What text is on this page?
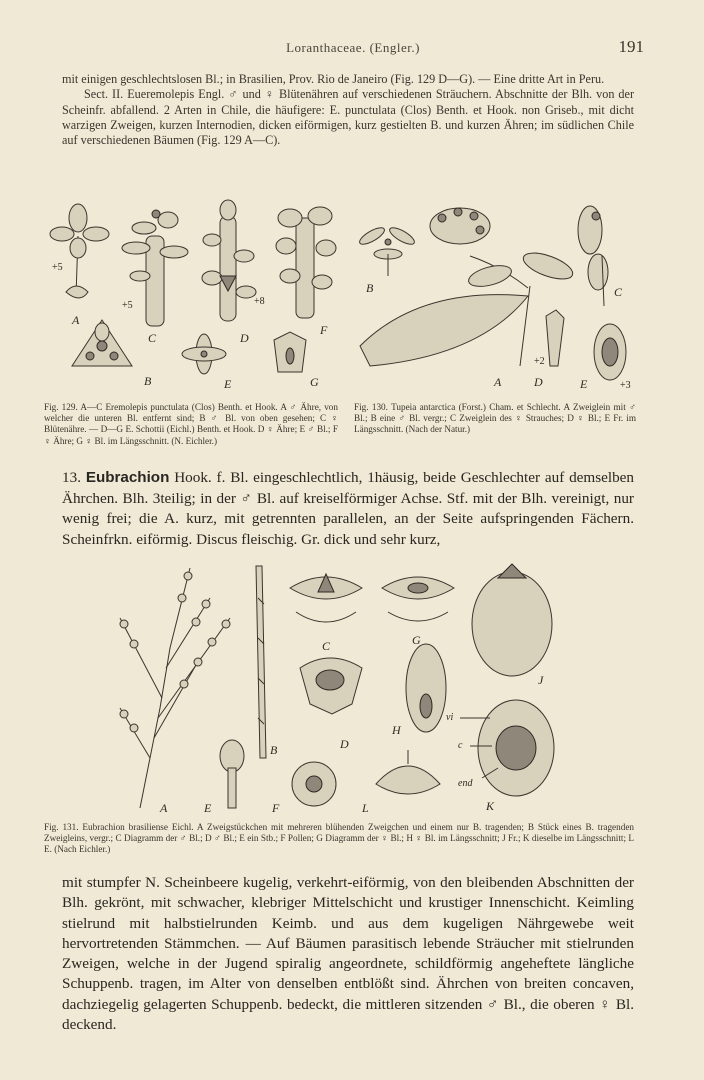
Loranthaceae. (Engler.)	191

mit einigen geschlechtslosen Bl.; in Brasilien, Prov. Rio de Janeiro (Fig. 129 D—G). — Eine dritte Art in Peru.

Sect. II. Eueremolepis Engl. ♂ und ♀ Blütenähren auf verschiedenen Sträuchern. Abschnitte der Blh. von der Scheinfr. abfallend. 2 Arten in Chile, die häufigere: E. punctulata (Clos) Benth. et Hook. non Griseb., mit dicht warzigen Zweigen, kurzen Internodien, dicken eiförmigen, kurz gestielten B. und kurzen Ähren; im südlichen Chile auf verschiedenen Bäumen (Fig. 129 A—C).

A
B
C	D
E
F
G
+5
+5	+8
Fig. 129. A—C Eremolepis punctulata (Clos) Benth. et Hook. A ♂ Ähre, von welcher die unteren Bl. entfernt sind; B ♂ Bl. von oben gesehen; C ♀ Blütenähre. — D—G E. Schottii (Eichl.) Benth. et Hook. D ♀ Ähre; E ♂ Bl.; F ♀ Ähre; G ♀ Bl. im Längsschnitt. (N. Eichler.)
B	C
A	D	E
+2
+3
Fig. 130. Tupeia antarctica (Forst.) Cham. et Schlecht. A Zweiglein mit ♂ Bl.; B eine ♂ Bl. vergr.; C Zweiglein des ♀ Strauches; D ♀ Bl.; E Fr. im Längsschnitt. (Nach der Natur.)

13. Eubrachion Hook. f. Bl. eingeschlechtlich, 1häusig, beide Geschlechter auf demselben Ährchen. Blh. 3teilig; in der ♂ Bl. auf kreiselförmiger Achse. Stf. mit der Blh. vereinigt, nur wenig frei; die A. kurz, mit getrennten parallelen, an der Seite aufspringenden Fächern. Scheinfrkn. eiförmig. Discus fleischig. Gr. dick und sehr kurz,

A
B
C
D
E	F
G
H
J
K
L
vi
c
end
Fig. 131. Eubrachion brasiliense Eichl. A Zweigstückchen mit mehreren blühenden Zweigchen und einem nur B. tragenden; B Stück eines B. tragenden Zweigleins, vergr.; C Diagramm der ♂ Bl.; D ♂ Bl.; E ein Stb.; F Pollen; G Diagramm der ♀ Bl.; H ♀ Bl. im Längsschnitt; J Fr.; K dieselbe im Längsschnitt; L E. (Nach Eichler.)

mit stumpfer N. Scheinbeere kugelig, verkehrt-eiförmig, von den bleibenden Abschnitten der Blh. gekrönt, mit schwacher, klebriger Mittelschicht und krustiger Innenschicht. Keimling stielrund mit halbstielrunden Keimb. und aus dem kugeligen Nährgewebe weit hervortretenden Stämmchen. — Auf Bäumen parasitisch lebende Sträucher mit stielrunden Zweigen, welche in der Jugend spiralig angeordnete, schildförmig angeheftete längliche Schuppenb. tragen, im Alter von denselben entblößt sind. Ährchen von breiten concaven, dachziegelig gelagerten Schuppenb. bedeckt, die mittleren sitzenden ♂ Bl., die oberen ♀ Bl. deckend.
